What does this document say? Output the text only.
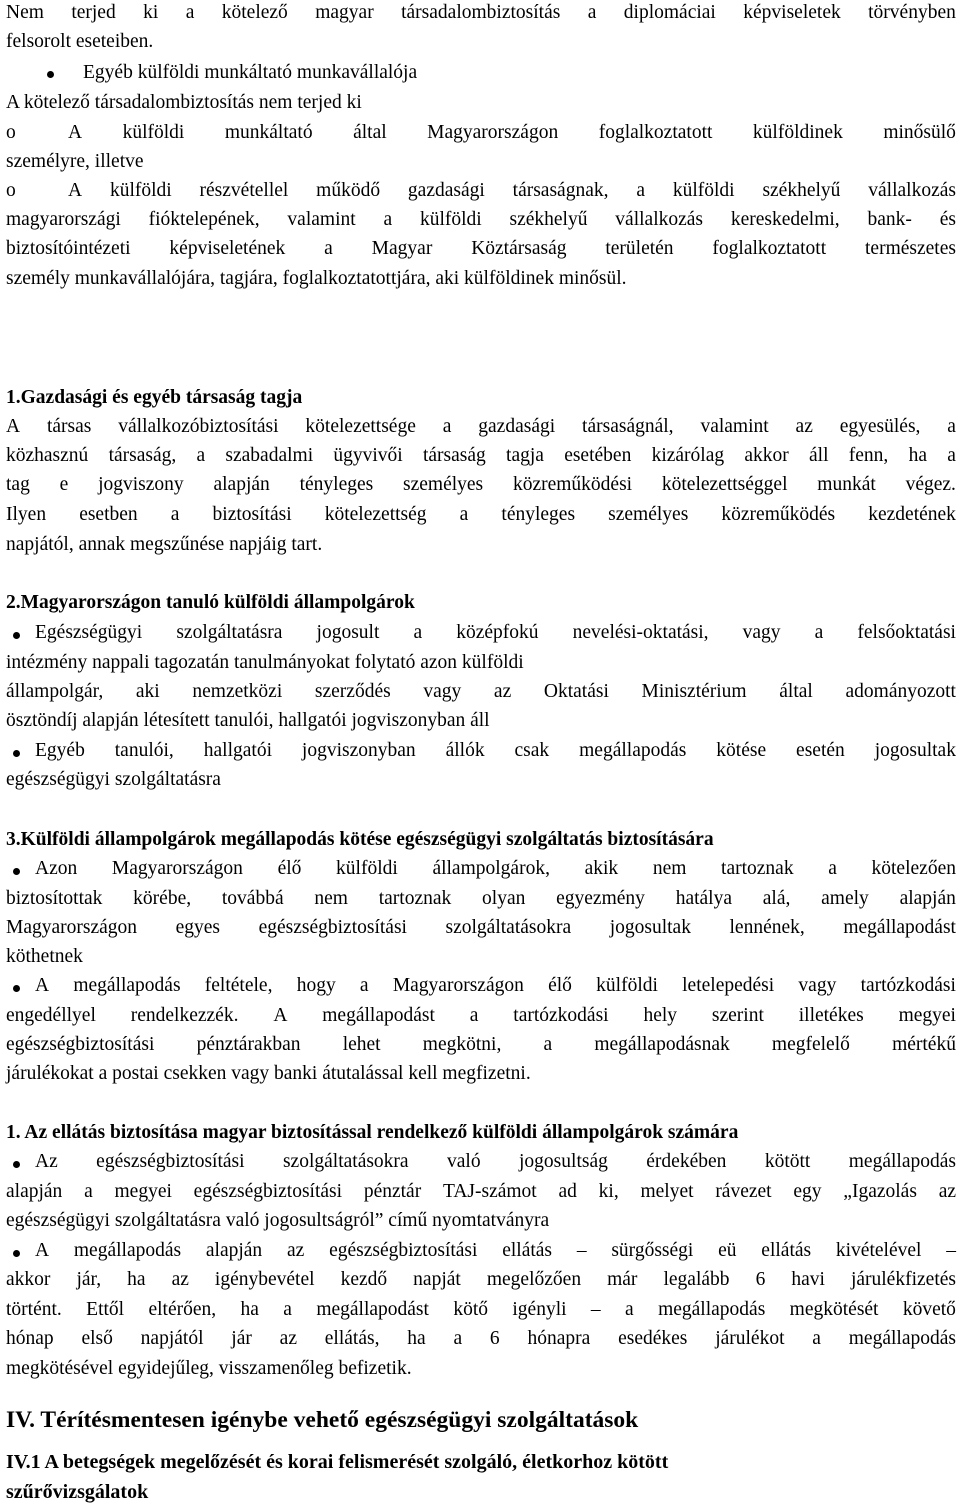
Nem terjed ki a kötelező magyar társadalombiztosítás a diplomáciai képviseletek törvényben
felsorolt eseteiben.
Egyéb külföldi munkáltató munkavállalója
A kötelező társadalombiztosítás nem terjed ki
o	A külföldi munkáltató által Magyarországon foglalkoztatott külföldinek minősülő
személyre, illetve
o	A külföldi részvétellel működő gazdasági társaságnak, a külföldi székhelyű vállalkozás
magyarországi fióktelepének, valamint a külföldi székhelyű vállalkozás kereskedelmi, bank- és
biztosítóintézeti képviseletének a Magyar Köztársaság területén foglalkoztatott természetes
személy munkavállalójára, tagjára, foglalkoztatottjára, aki külföldinek minősül.
1.Gazdasági és egyéb társaság tagja
A társas vállalkozóbiztosítási kötelezettsége a gazdasági társaságnál, valamint az egyesülés, a
közhasznú társaság, a szabadalmi ügyvivői társaság tagja esetében kizárólag akkor áll fenn, ha a
tag e jogviszony alapján tényleges személyes közreműködési kötelezettséggel munkát végez.
Ilyen esetben a biztosítási kötelezettség a tényleges személyes közreműködés kezdetének
napjától, annak megszűnése napjáig tart.
2.Magyarországon tanuló külföldi állampolgárok
Egészségügyi szolgáltatásra jogosult a középfokú nevelési-oktatási, vagy a felsőoktatási
intézmény nappali tagozatán tanulmányokat folytató azon külföldi
állampolgár, aki nemzetközi szerződés vagy az Oktatási Minisztérium által adományozott
ösztöndíj alapján létesített tanulói, hallgatói jogviszonyban áll
Egyéb tanulói, hallgatói jogviszonyban állók csak megállapodás kötése esetén jogosultak
egészségügyi szolgáltatásra
3.Külföldi állampolgárok megállapodás kötése egészségügyi szolgáltatás biztosítására
Azon Magyarországon élő külföldi állampolgárok, akik nem tartoznak a kötelezően
biztosítottak körébe, továbbá nem tartoznak olyan egyezmény hatálya alá, amely alapján
Magyarországon egyes egészségbiztosítási szolgáltatásokra jogosultak lennének, megállapodást
köthetnek
A megállapodás feltétele, hogy a Magyarországon élő külföldi letelepedési vagy tartózkodási
engedéllyel rendelkezzék. A megállapodást a tartózkodási hely szerint illetékes megyei
egészségbiztosítási pénztárakban lehet megkötni, a megállapodásnak megfelelő mértékű
járulékokat a postai csekken vagy banki átutalással kell megfizetni.
1. Az ellátás biztosítása magyar biztosítással rendelkező külföldi állampolgárok számára
Az egészségbiztosítási szolgáltatásokra való jogosultság érdekében kötött megállapodás
alapján a megyei egészségbiztosítási pénztár TAJ-számot ad ki, melyet rávezet egy „Igazolás az
egészségügyi szolgáltatásra való jogosultságról” című nyomtatványra
A megállapodás alapján az egészségbiztosítási ellátás – sürgősségi eü ellátás kivételével –
akkor jár, ha az igénybevétel kezdő napját megelőzően már legalább 6 havi járulékfizetés
történt. Ettől eltérően, ha a megállapodást kötő igényli – a megállapodás megkötését követő
hónap első napjától jár az ellátás, ha a 6 hónapra esedékes járulékot a megállapodás
megkötésével egyidejűleg, visszamenőleg befizetik.
IV. Térítésmentesen igénybe vehető egészségügyi szolgáltatások
IV.1 A betegségek megelőzését és korai felismerését szolgáló, életkorhoz kötött
szűrővizsgálatok
